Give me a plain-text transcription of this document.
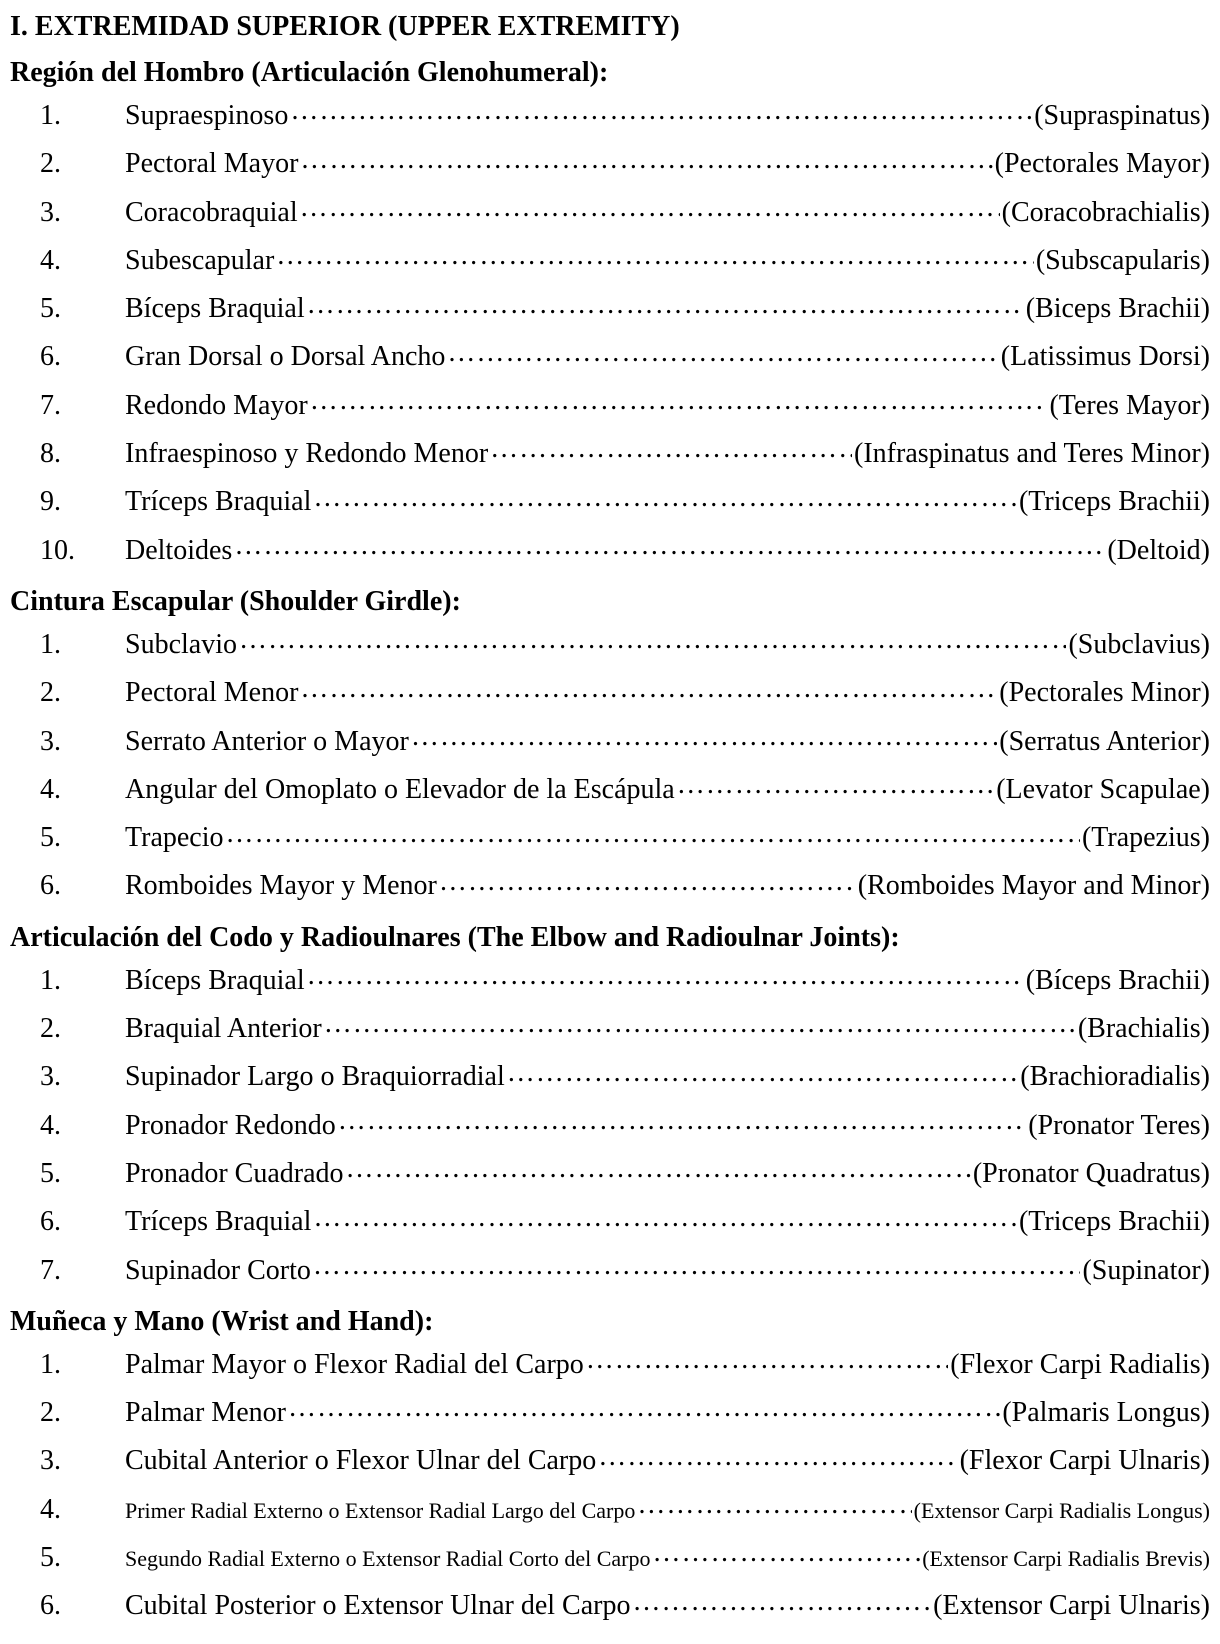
I. EXTREMIDAD SUPERIOR (UPPER EXTREMITY)
Región del Hombro (Articulación Glenohumeral):
1.	Supraespinoso …………………………………………………………………………………………………………………………………………………………………………………………………………………………………………	(Supraspinatus)
2.	Pectoral Mayor …………………………………………………………………………………………………………………………………………………………………………………………………………………………………………	(Pectorales Mayor)
3.	Coracobraquial …………………………………………………………………………………………………………………………………………………………………………………………………………………………………………	(Coracobrachialis)
4.	Subescapular …………………………………………………………………………………………………………………………………………………………………………………………………………………………………………	(Subscapularis)
5.	Bíceps Braquial …………………………………………………………………………………………………………………………………………………………………………………………………………………………………………	(Biceps Brachii)
6.	Gran Dorsal o Dorsal Ancho …………………………………………………………………………………………………………………………………………………………………………………………………………………………………………	(Latissimus Dorsi)
7.	Redondo Mayor …………………………………………………………………………………………………………………………………………………………………………………………………………………………………………	(Teres Mayor)
8.	Infraespinoso y Redondo Menor …………………………………………………………………………………………………………………………………………………………………………………………………………………………………………	(Infraspinatus and Teres Minor)
9.	Tríceps Braquial …………………………………………………………………………………………………………………………………………………………………………………………………………………………………………	(Triceps Brachii)
10.	Deltoides …………………………………………………………………………………………………………………………………………………………………………………………………………………………………………	(Deltoid)
Cintura Escapular (Shoulder Girdle):
1.	Subclavio …………………………………………………………………………………………………………………………………………………………………………………………………………………………………………	(Subclavius)
2.	Pectoral Menor …………………………………………………………………………………………………………………………………………………………………………………………………………………………………………	(Pectorales Minor)
3.	Serrato Anterior o Mayor …………………………………………………………………………………………………………………………………………………………………………………………………………………………………………	(Serratus Anterior)
4.	Angular del Omoplato o Elevador de la Escápula …………………………………………………………………………………………………………………………………………………………………………………………………………………………………………	(Levator Scapulae)
5.	Trapecio …………………………………………………………………………………………………………………………………………………………………………………………………………………………………………	(Trapezius)
6.	Romboides Mayor y Menor …………………………………………………………………………………………………………………………………………………………………………………………………………………………………………	(Romboides Mayor and Minor)
Articulación del Codo y Radioulnares (The Elbow and Radioulnar Joints):
1.	Bíceps Braquial …………………………………………………………………………………………………………………………………………………………………………………………………………………………………………	(Bíceps Brachii)
2.	Braquial Anterior …………………………………………………………………………………………………………………………………………………………………………………………………………………………………………	(Brachialis)
3.	Supinador Largo o Braquiorradial …………………………………………………………………………………………………………………………………………………………………………………………………………………………………………	(Brachioradialis)
4.	Pronador Redondo …………………………………………………………………………………………………………………………………………………………………………………………………………………………………………	(Pronator Teres)
5.	Pronador Cuadrado …………………………………………………………………………………………………………………………………………………………………………………………………………………………………………	(Pronator Quadratus)
6.	Tríceps Braquial …………………………………………………………………………………………………………………………………………………………………………………………………………………………………………	(Triceps Brachii)
7.	Supinador Corto …………………………………………………………………………………………………………………………………………………………………………………………………………………………………………	(Supinator)
Muñeca y Mano (Wrist and Hand):
1.	Palmar Mayor o Flexor Radial del Carpo …………………………………………………………………………………………………………………………………………………………………………………………………………………………………………	(Flexor Carpi Radialis)
2.	Palmar Menor …………………………………………………………………………………………………………………………………………………………………………………………………………………………………………	(Palmaris Longus)
3.	Cubital Anterior o Flexor Ulnar del Carpo …………………………………………………………………………………………………………………………………………………………………………………………………………………………………………	(Flexor Carpi Ulnaris)
4.	Primer Radial Externo o Extensor Radial Largo del Carpo …………………………………………………………………………………………………………………………………………………………………………………………………………………………………………	(Extensor Carpi Radialis Longus)
5.	Segundo Radial Externo o Extensor Radial Corto del Carpo …………………………………………………………………………………………………………………………………………………………………………………………………………………………………………	(Extensor Carpi Radialis Brevis)
6.	Cubital Posterior o Extensor Ulnar del Carpo …………………………………………………………………………………………………………………………………………………………………………………………………………………………………………	(Extensor Carpi Ulnaris)
